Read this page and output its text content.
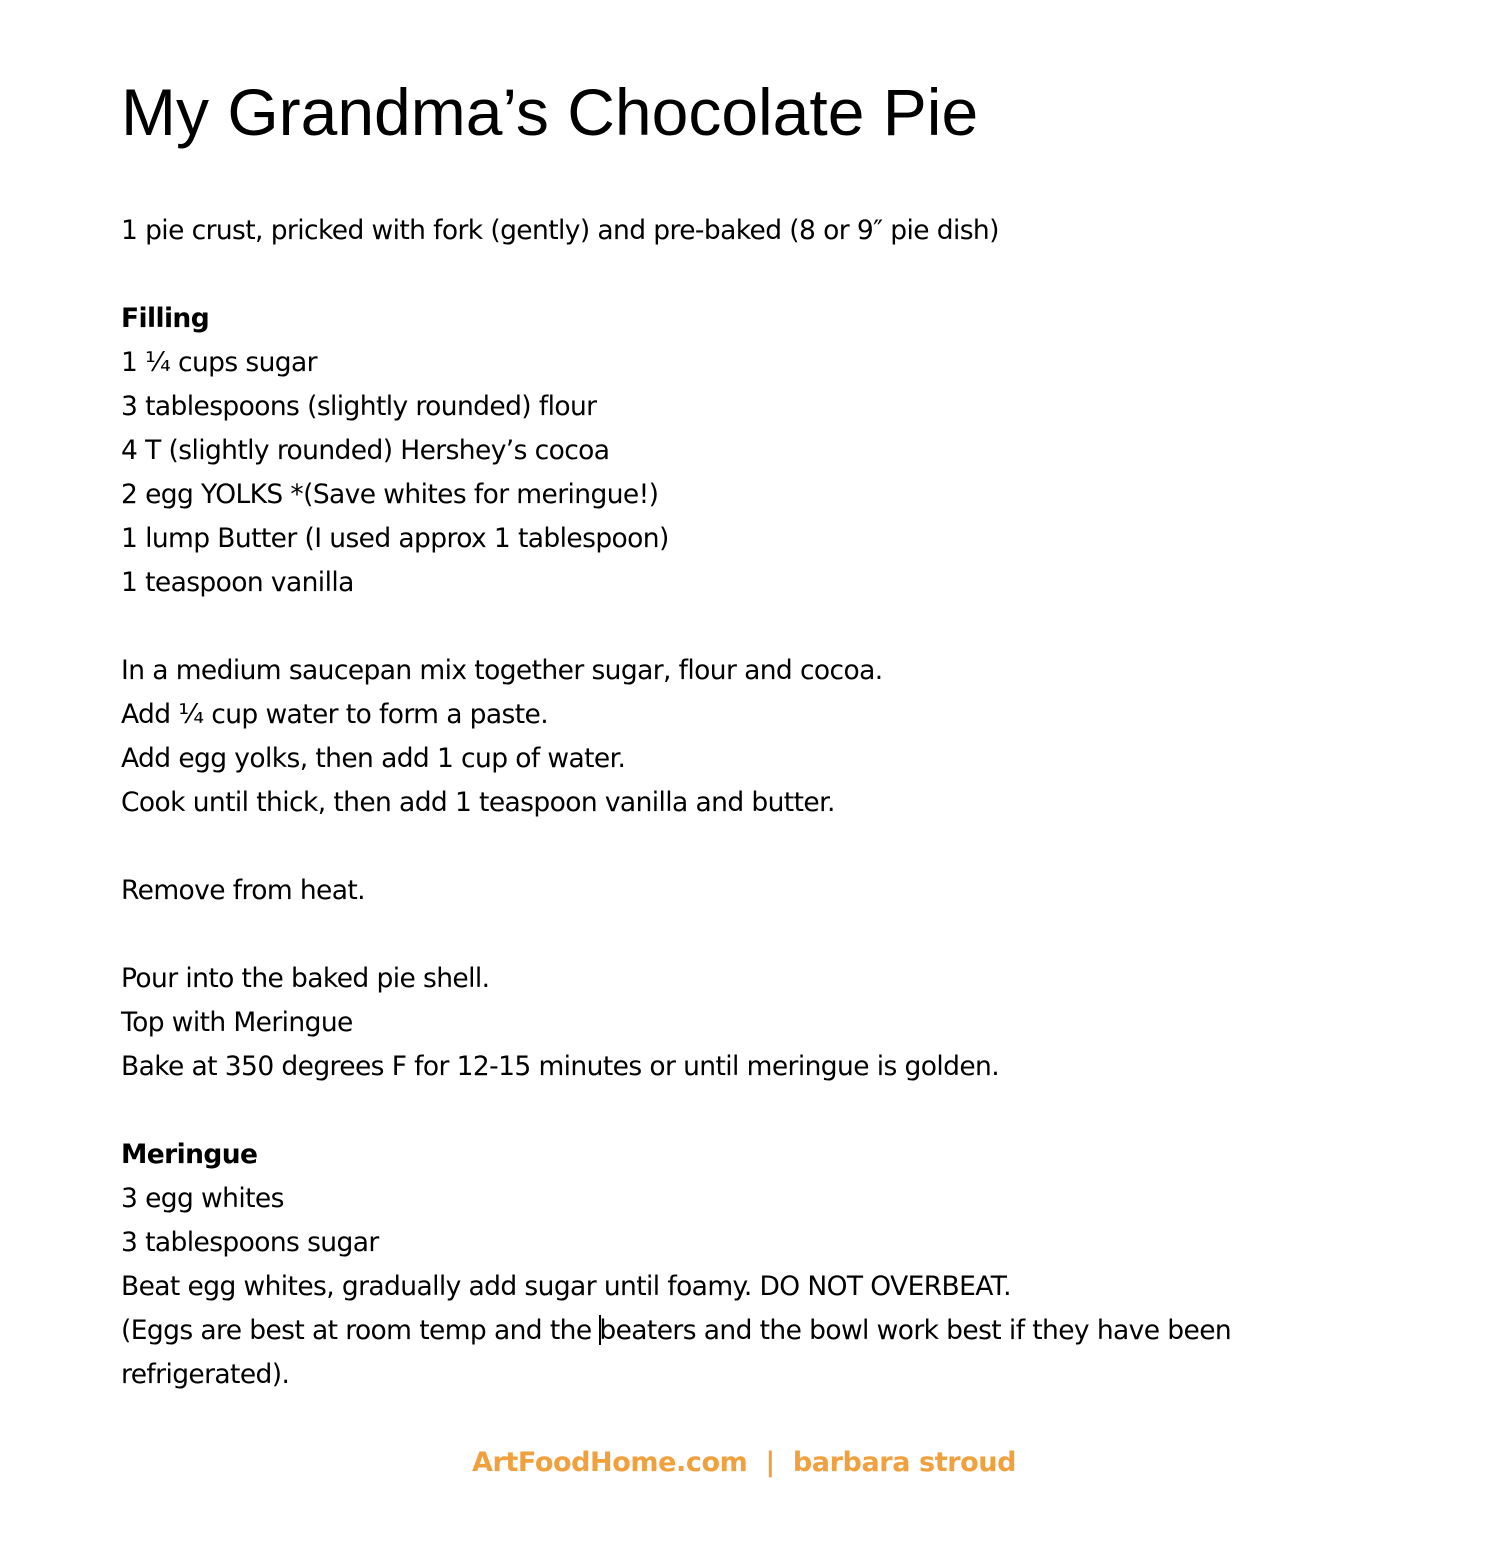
My Grandma’s Chocolate Pie
1 pie crust, pricked with fork (gently) and pre-baked (8 or 9″ pie dish)
Filling
1 ¼ cups sugar
3 tablespoons (slightly rounded) flour
4 T (slightly rounded) Hershey’s cocoa
2 egg YOLKS *(Save whites for meringue!)
1 lump Butter (I used approx 1 tablespoon)
1 teaspoon vanilla
In a medium saucepan mix together sugar, flour and cocoa.
Add ¼ cup water to form a paste.
Add egg yolks, then add 1 cup of water.
Cook until thick, then add 1 teaspoon vanilla and butter.
Remove from heat.
Pour into the baked pie shell.
Top with Meringue
Bake at 350 degrees F for 12-15 minutes or until meringue is golden.
Meringue
3 egg whites
3 tablespoons sugar
Beat egg whites, gradually add sugar until foamy. DO NOT OVERBEAT.
(Eggs are best at room temp and the beaters and the bowl work best if they have been refrigerated).
ArtFoodHome.com | barbara stroud
